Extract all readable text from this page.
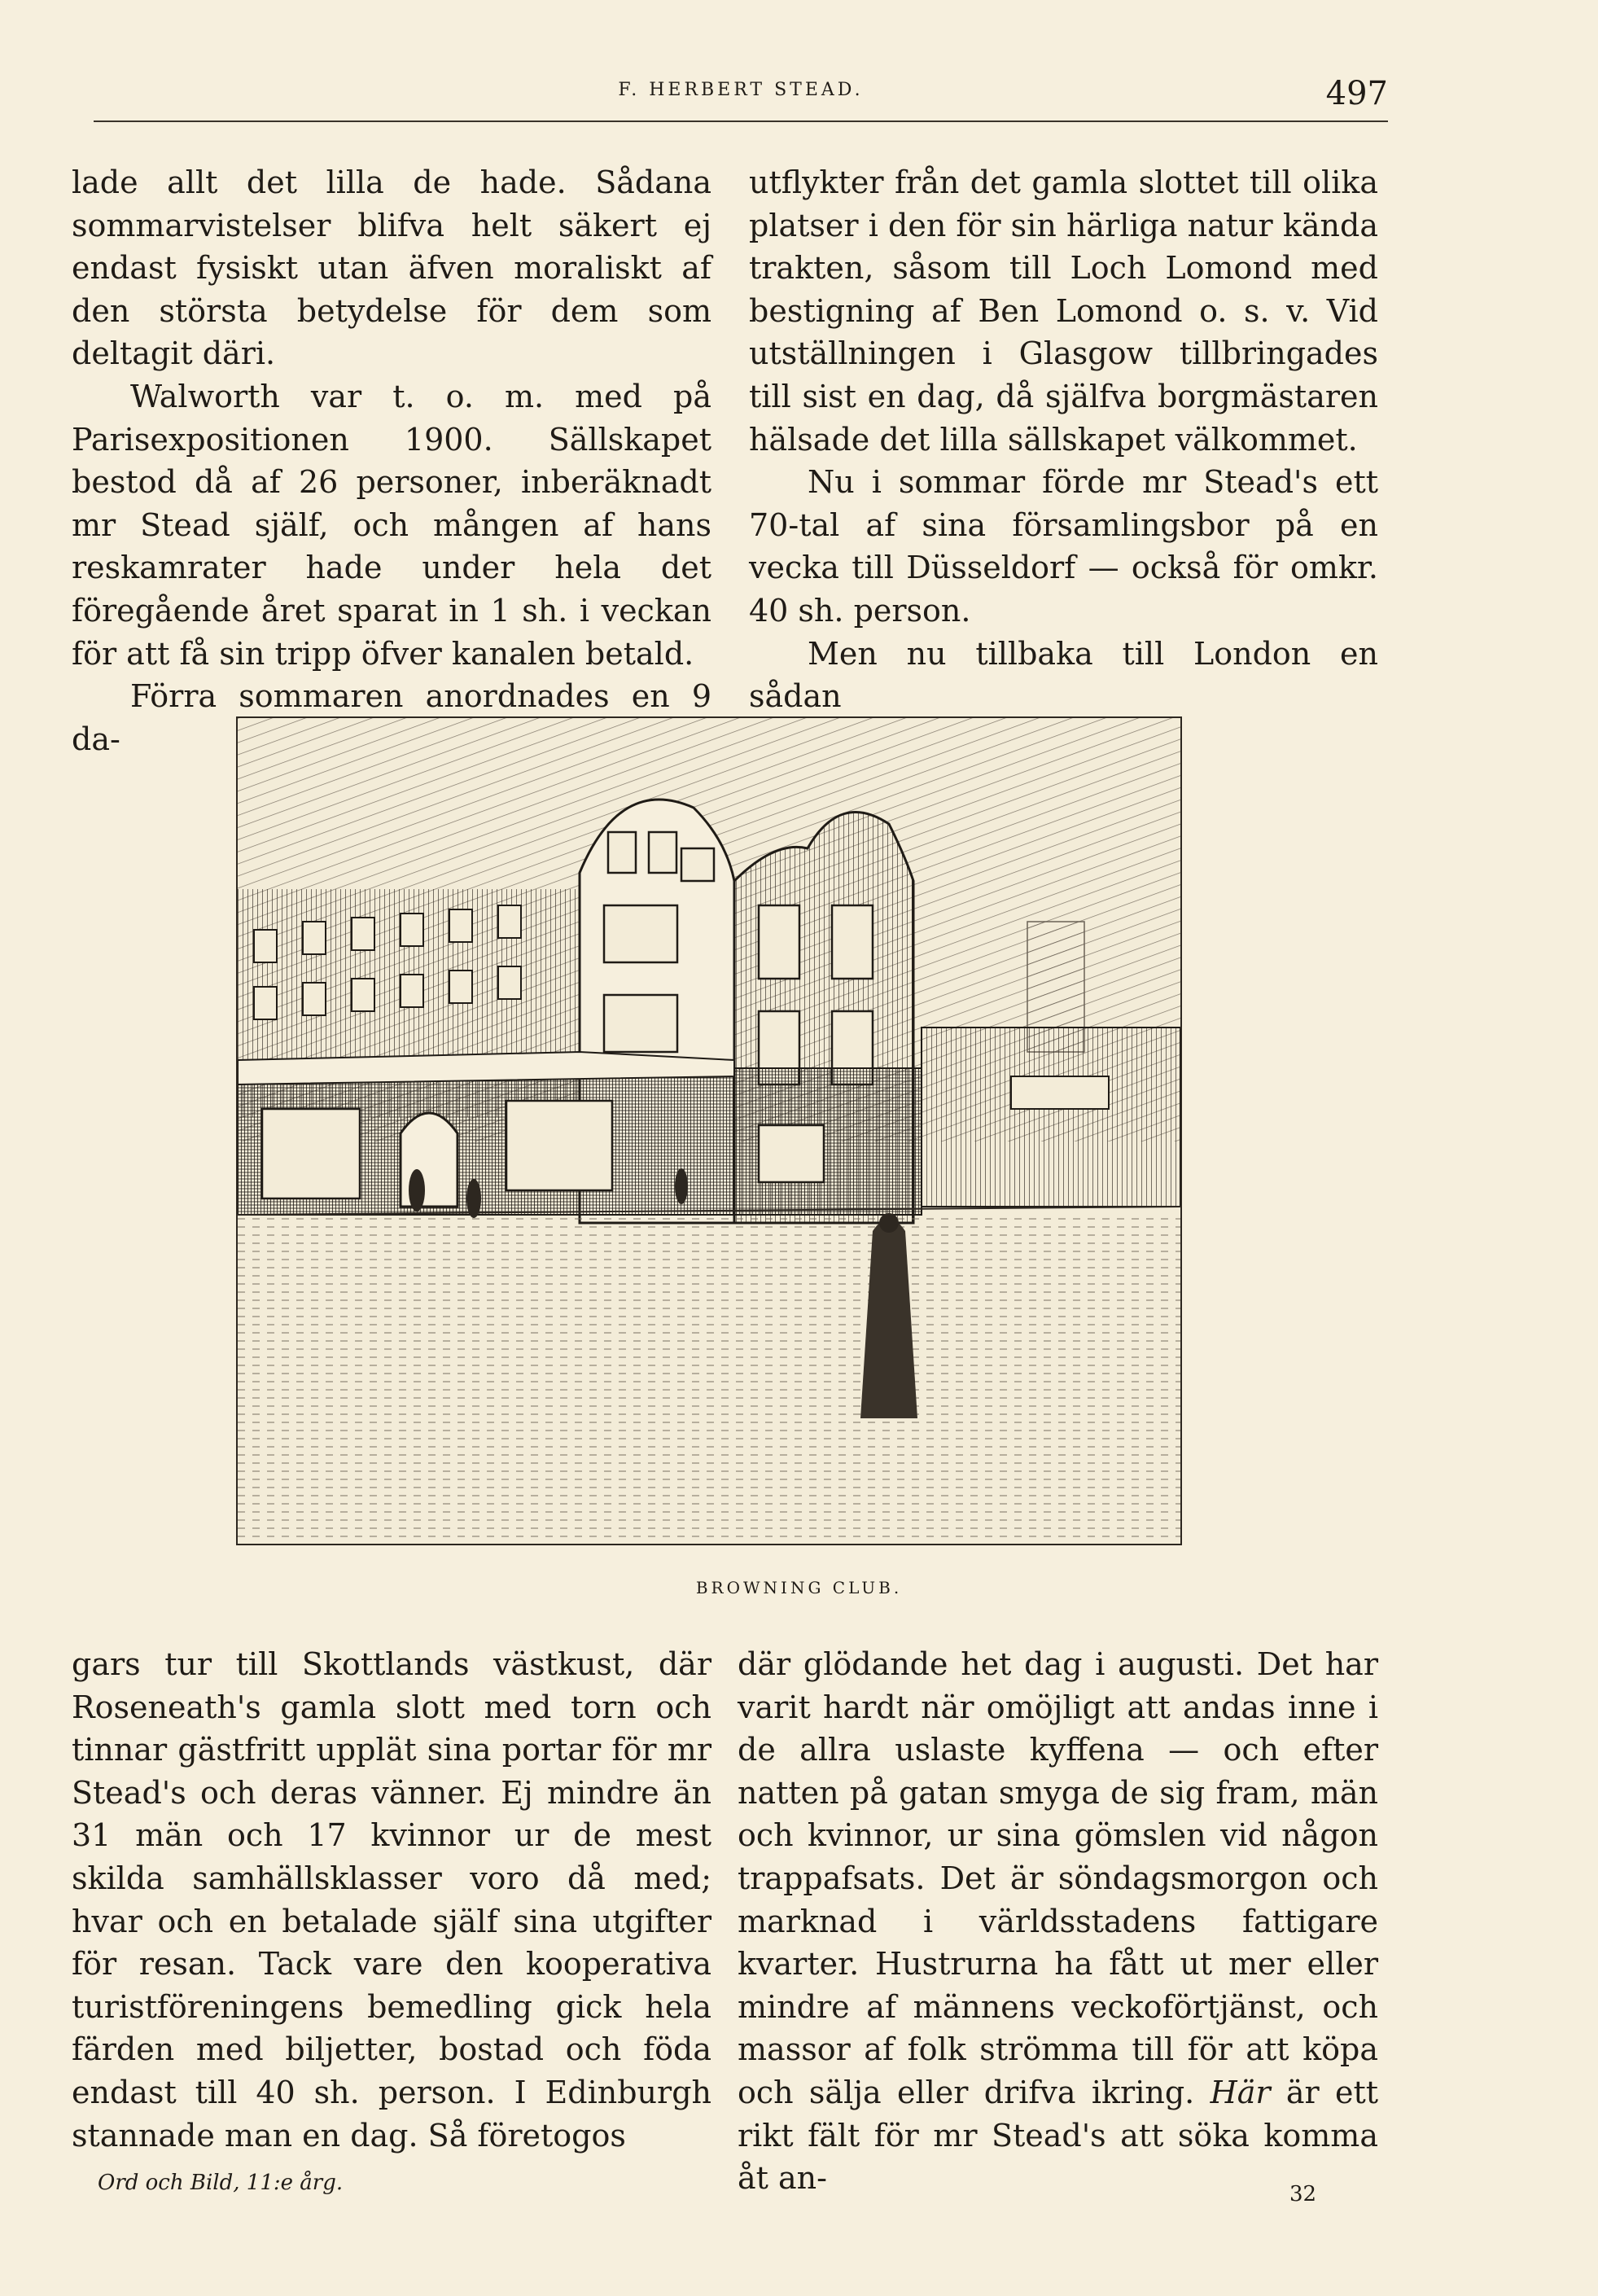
F. HERBERT STEAD.	497

lade allt det lilla de hade. Sådana sommarvistelser blifva helt säkert ej endast fysiskt utan äfven moraliskt af den största betydelse för dem som deltagit däri.

Walworth var t. o. m. med på Parisexpositionen 1900. Sällskapet bestod då af 26 personer, inberäknadt mr Stead själf, och mången af hans reskamrater hade under hela det föregående året sparat in 1 sh. i veckan för att få sin tripp öfver kanalen betald.

Förra sommaren anordnades en 9 da-

utflykter från det gamla slottet till olika platser i den för sin härliga natur kända trakten, såsom till Loch Lomond med bestigning af Ben Lomond o. s. v. Vid utställningen i Glasgow tillbringades till sist en dag, då själfva borgmästaren hälsade det lilla sällskapet välkommet.

Nu i sommar förde mr Stead's ett 70-tal af sina församlingsbor på en vecka till Düsseldorf — också för omkr. 40 sh. person.

Men nu tillbaka till London en sådan

BROWNING CLUB.

gars tur till Skottlands västkust, där Roseneath's gamla slott med torn och tinnar gästfritt upplät sina portar för mr Stead's och deras vänner. Ej mindre än 31 män och 17 kvinnor ur de mest skilda samhällsklasser voro då med; hvar och en betalade själf sina utgifter för resan. Tack vare den kooperativa turistföreningens bemedling gick hela färden med biljetter, bostad och föda endast till 40 sh. person. I Edinburgh stannade man en dag. Så företogos

där glödande het dag i augusti. Det har varit hardt när omöjligt att andas inne i de allra uslaste kyffena — och efter natten på gatan smyga de sig fram, män och kvinnor, ur sina gömslen vid någon trappafsats. Det är söndagsmorgon och marknad i världsstadens fattigare kvarter. Hustrurna ha fått ut mer eller mindre af männens veckoförtjänst, och massor af folk strömma till för att köpa och sälja eller drifva ikring. Här är ett rikt fält för mr Stead's att söka komma åt an-

Ord och Bild, 11:e årg.	32
